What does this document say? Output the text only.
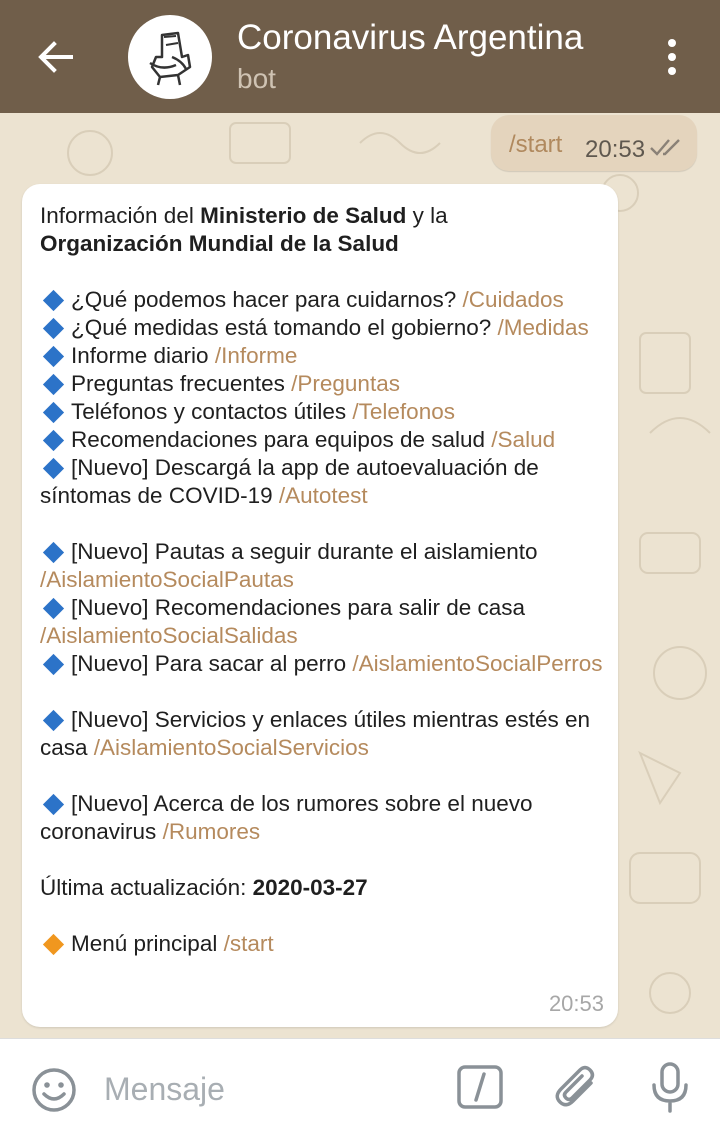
Coronavirus Argentina
bot
/start 20:53

Información del Ministerio de Salud y la

Organización Mundial de la Salud

¿Qué podemos hacer para cuidarnos? /Cuidados

¿Qué medidas está tomando el gobierno? /Medidas

Informe diario /Informe

Preguntas frecuentes /Preguntas

Teléfonos y contactos útiles /Telefonos

Recomendaciones para equipos de salud /Salud

[Nuevo] Descargá la app de autoevaluación de síntomas de COVID-19 /Autotest

[Nuevo] Pautas a seguir durante el aislamiento /AislamientoSocialPautas

[Nuevo] Recomendaciones para salir de casa /AislamientoSocialSalidas

[Nuevo] Para sacar al perro /AislamientoSocialPerros

[Nuevo] Servicios y enlaces útiles mientras estés en casa /AislamientoSocialServicios

[Nuevo] Acerca de los rumores sobre el nuevo coronavirus /Rumores

Última actualización: 2020-03-27

Menú principal /start

20:53
Mensaje
